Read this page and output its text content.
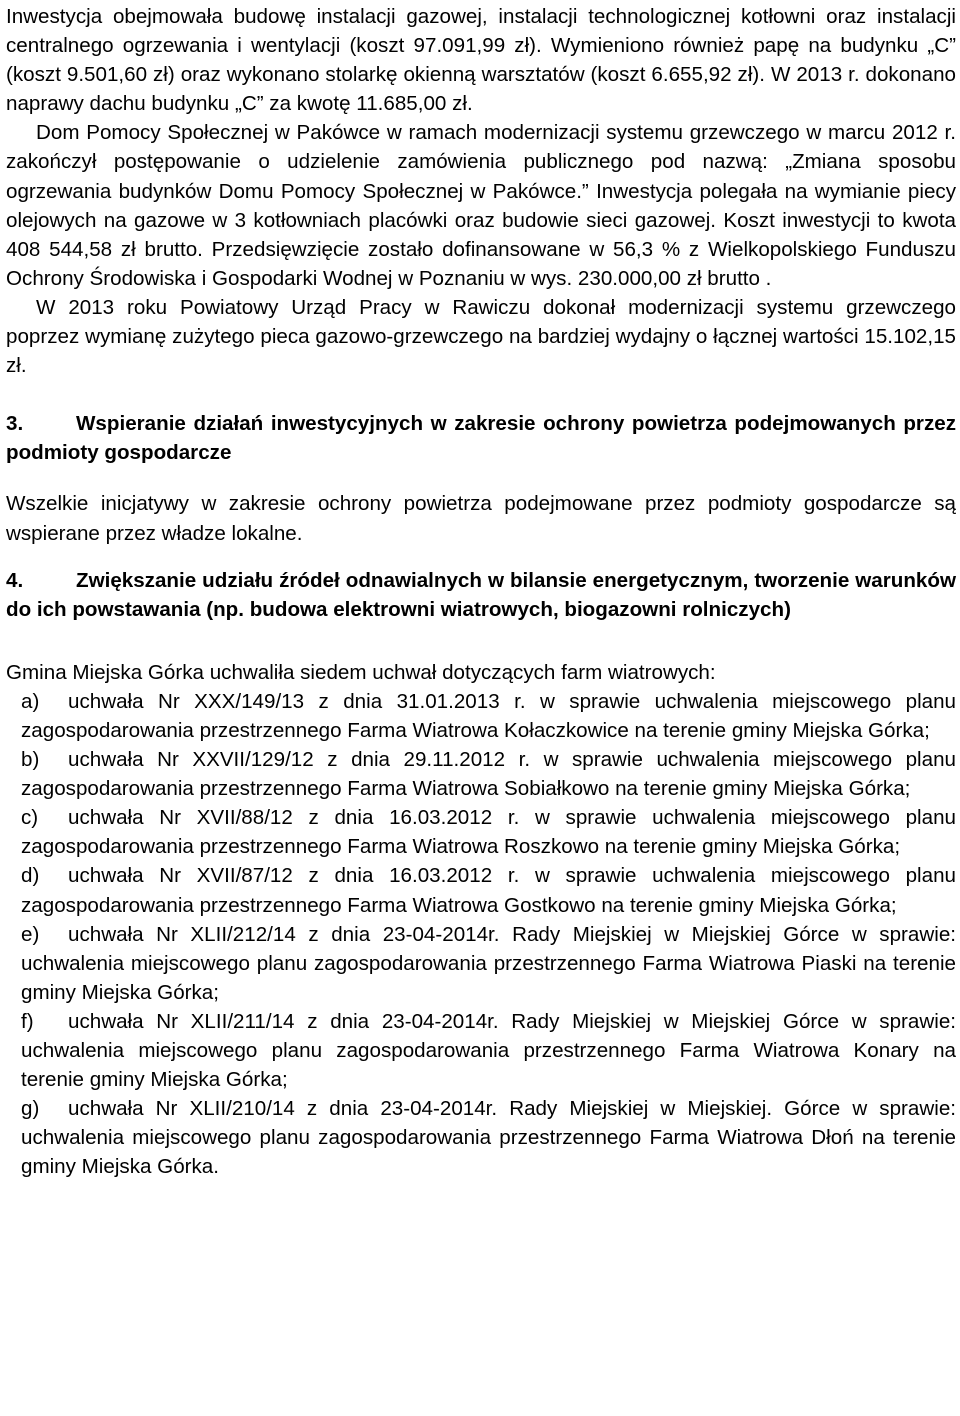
Inwestycja obejmowała budowę instalacji gazowej, instalacji technologicznej kotłowni oraz instalacji centralnego ogrzewania i wentylacji (koszt 97.091,99 zł). Wymieniono również papę na budynku „C” (koszt 9.501,60 zł) oraz wykonano stolarkę okienną warsztatów (koszt 6.655,92 zł). W 2013 r. dokonano naprawy dachu budynku „C” za kwotę 11.685,00 zł.

Dom Pomocy Społecznej w Pakówce w ramach modernizacji systemu grzewczego w marcu 2012 r. zakończył postępowanie o udzielenie zamówienia publicznego pod nazwą: „Zmiana sposobu ogrzewania budynków Domu Pomocy Społecznej w Pakówce.” Inwestycja polegała na wymianie piecy olejowych na gazowe w 3 kotłowniach placówki oraz budowie sieci gazowej. Koszt inwestycji to kwota 408 544,58 zł brutto. Przedsięwzięcie zostało dofinansowane w 56,3 % z Wielkopolskiego Funduszu Ochrony Środowiska i Gospodarki Wodnej w Poznaniu w wys. 230.000,00 zł brutto .

W 2013 roku Powiatowy Urząd Pracy w Rawiczu dokonał modernizacji systemu grzewczego poprzez wymianę zużytego pieca gazowo-grzewczego na bardziej wydajny o łącznej wartości 15.102,15 zł.

3.	Wspieranie działań inwestycyjnych w zakresie ochrony powietrza podejmowanych przez podmioty gospodarcze

Wszelkie inicjatywy w zakresie ochrony powietrza podejmowane przez podmioty gospodarcze są wspierane przez władze lokalne.

4.	Zwiększanie udziału źródeł odnawialnych w bilansie energetycznym, tworzenie warunków do ich powstawania (np. budowa elektrowni wiatrowych, biogazowni rolniczych)

Gmina Miejska Górka uchwaliła siedem uchwał dotyczących farm wiatrowych:

a) uchwała Nr XXX/149/13 z dnia 31.01.2013 r. w sprawie uchwalenia miejscowego planu zagospodarowania przestrzennego Farma Wiatrowa Kołaczkowice na terenie gminy Miejska Górka;
b) uchwała Nr XXVII/129/12 z dnia 29.11.2012 r. w sprawie uchwalenia miejscowego planu zagospodarowania przestrzennego Farma Wiatrowa Sobiałkowo na terenie gminy Miejska Górka;
c) uchwała Nr XVII/88/12 z dnia 16.03.2012 r. w sprawie uchwalenia miejscowego planu zagospodarowania przestrzennego Farma Wiatrowa Roszkowo na terenie gminy Miejska Górka;
d) uchwała Nr XVII/87/12 z dnia 16.03.2012 r. w sprawie uchwalenia miejscowego planu zagospodarowania przestrzennego Farma Wiatrowa Gostkowo na terenie gminy Miejska Górka;
e) uchwała Nr XLII/212/14 z dnia 23-04-2014r. Rady Miejskiej w Miejskiej Górce w sprawie: uchwalenia miejscowego planu zagospodarowania przestrzennego Farma Wiatrowa Piaski na terenie gminy Miejska Górka;
f) uchwała Nr XLII/211/14 z dnia 23-04-2014r. Rady Miejskiej w Miejskiej Górce w sprawie: uchwalenia miejscowego planu zagospodarowania przestrzennego Farma Wiatrowa Konary na terenie gminy Miejska Górka;
g) uchwała Nr XLII/210/14 z dnia 23-04-2014r. Rady Miejskiej w Miejskiej. Górce w sprawie: uchwalenia miejscowego planu zagospodarowania przestrzennego Farma Wiatrowa Dłoń na terenie gminy Miejska Górka.
